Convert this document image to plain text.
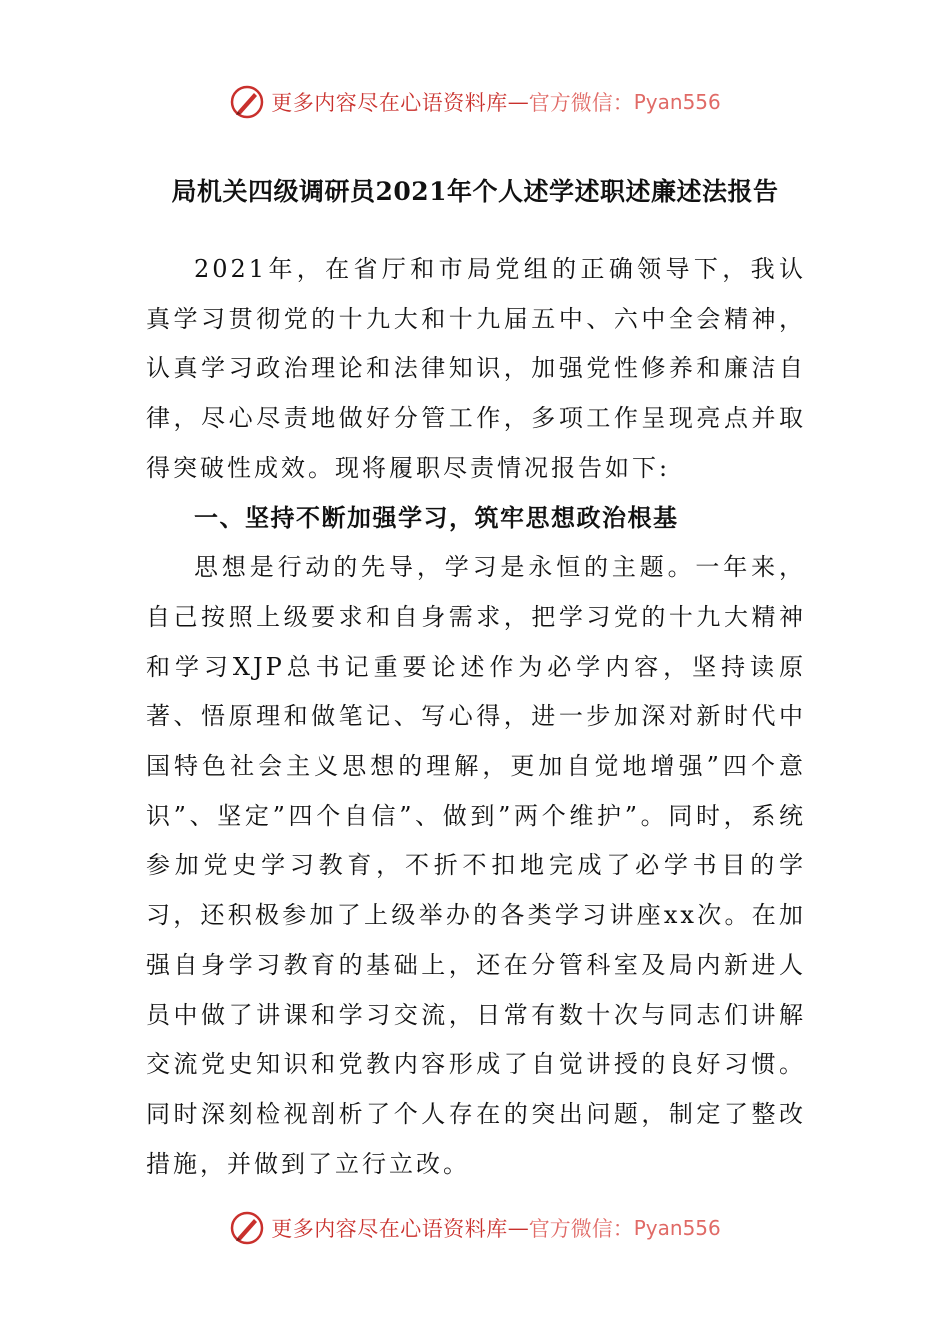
更多内容尽在心语资料库 — 官方微信： Pyan556
局机关四级调研员2021年个人述学述职述廉述法报告

2021年，在省厅和市局党组的正确领导下，我认真学习贯彻党的十九大和十九届五中、六中全会精神，认真学习政治理论和法律知识，加强党性修养和廉洁自律，尽心尽责地做好分管工作，多项工作呈现亮点并取得突破性成效。现将履职尽责情况报告如下:

一、坚持不断加强学习，筑牢思想政治根基

思想是行动的先导，学习是永恒的主题。一年来，自己按照上级要求和自身需求，把学习党的十九大精神和学习XJP总书记重要论述作为必学内容，坚持读原著、悟原理和做笔记、写心得，进一步加深对新时代中国特色社会主义思想的理解，更加自觉地增强”四个意识”、坚定”四个自信”、做到”两个维护”。同时，系统参加党史学习教育，不折不扣地完成了必学书目的学习，还积极参加了上级举办的各类学习讲座xx次。在加强自身学习教育的基础上，还在分管科室及局内新进人员中做了讲课和学习交流，日常有数十次与同志们讲解交流党史知识和党教内容形成了自觉讲授的良好习惯。同时深刻检视剖析了个人存在的突出问题，制定了整改措施，并做到了立行立改。

更多内容尽在心语资料库 — 官方微信： Pyan556
